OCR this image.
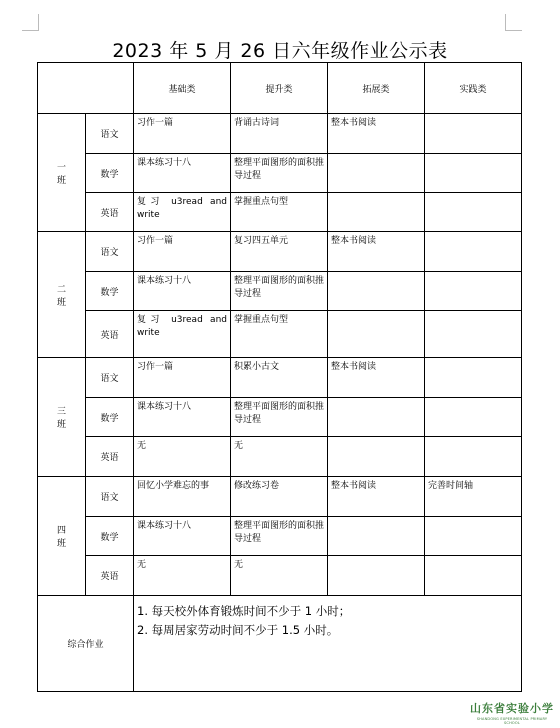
2023 年 5 月 26 日六年级作业公示表
		基础类	提升类	拓展类	实践类
一
班	语文	习作一篇	背诵古诗词	整本书阅读	
	数学	课本练习十八	整理平面图形的面积推导过程		
	英语	复习 u3read and write	掌握重点句型		
二
班	语文	习作一篇	复习四五单元	整本书阅读	
	数学	课本练习十八	整理平面图形的面积推导过程		
	英语	复习 u3read and write	掌握重点句型		
三
班	语文	习作一篇	积累小古文	整本书阅读	
	数学	课本练习十八	整理平面图形的面积推导过程		
	英语	无	无		
四
班	语文	回忆小学难忘的事	修改练习卷	整本书阅读	完善时间轴
	数学	课本练习十八	整理平面图形的面积推导过程		
	英语	无	无		
综合作业		1. 每天校外体育锻炼时间不少于 1 小时；
2. 每周居家劳动时间不少于 1.5 小时。			
山东省实验小学
SHANDONG EXPERIMENTAL PRIMARY SCHOOL
